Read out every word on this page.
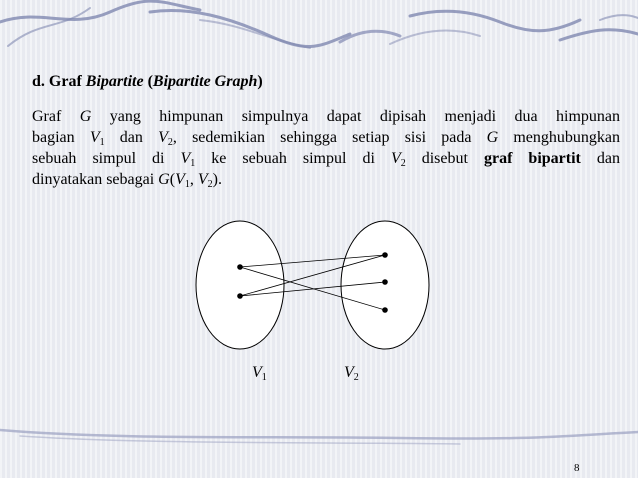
d. Graf Bipartite (Bipartite Graph)
Graf G yang himpunan simpulnya dapat dipisah menjadi dua himpunan
bagian $V_1$ dan $V_2$, sedemikian sehingga setiap sisi pada G menghubungkan
sebuah simpul di $V_1$ ke sebuah simpul di $V_2$ disebut graf bipartit dan
dinyatakan sebagai $G(V_1$, $V_2$).
$V_1$	$V_2$
8
